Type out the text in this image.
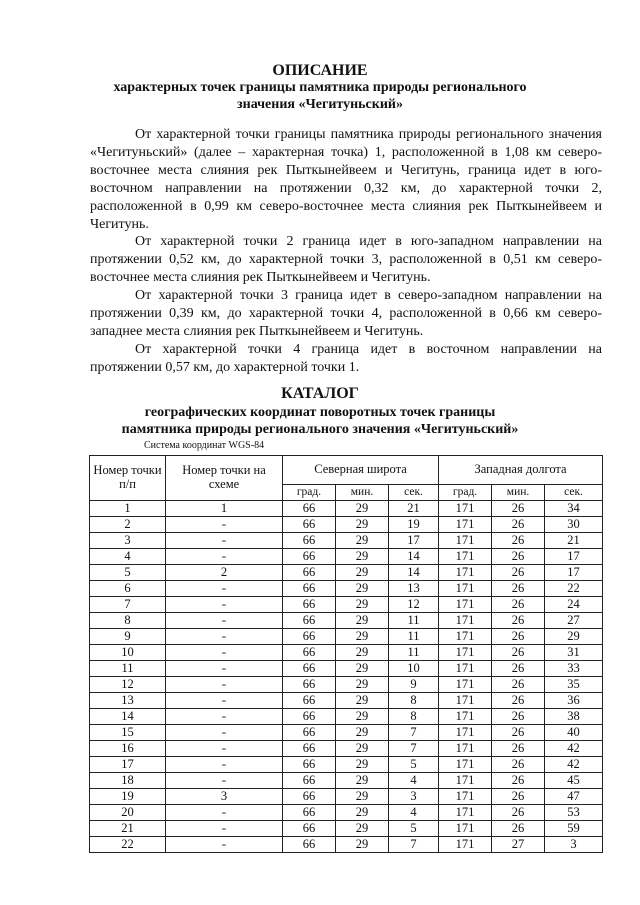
ОПИСАНИЕ
характерных точек границы памятника природы регионального
значения «Чегитуньский»

От характерной точки границы памятника природы регионального значения «Чегитуньский» (далее – характерная точка) 1, расположенной в 1,08 км северо-восточнее места слияния рек Пыткынейвеем и Чегитунь, граница идет в юго-восточном направлении на протяжении 0,32 км, до характерной точки 2, расположенной в 0,99 км северо-восточнее места слияния рек Пыткынейвеем и Чегитунь.

От характерной точки 2 граница идет в юго-западном направлении на протяжении 0,52 км, до характерной точки 3, расположенной в 0,51 км северо-восточнее места слияния рек Пыткынейвеем и Чегитунь.

От характерной точки 3 граница идет в северо-западном направлении на протяжении 0,39 км, до характерной точки 4, расположенной в 0,66 км северо-западнее места слияния рек Пыткынейвеем и Чегитунь.

От характерной точки 4 граница идет в восточном направлении на протяжении 0,57 км, до характерной точки 1.

КАТАЛОГ
географических координат поворотных точек границы
памятника природы регионального значения «Чегитуньский»
Система координат WGS-84
Номер точки п/п	Номер точки на схеме	Северная широта			Западная долгота		
		град.	мин.	сек.	град.	мин.	сек.
1	1	66	29	21	171	26	34
2	-	66	29	19	171	26	30
3	-	66	29	17	171	26	21
4	-	66	29	14	171	26	17
5	2	66	29	14	171	26	17
6	-	66	29	13	171	26	22
7	-	66	29	12	171	26	24
8	-	66	29	11	171	26	27
9	-	66	29	11	171	26	29
10	-	66	29	11	171	26	31
11	-	66	29	10	171	26	33
12	-	66	29	9	171	26	35
13	-	66	29	8	171	26	36
14	-	66	29	8	171	26	38
15	-	66	29	7	171	26	40
16	-	66	29	7	171	26	42
17	-	66	29	5	171	26	42
18	-	66	29	4	171	26	45
19	3	66	29	3	171	26	47
20	-	66	29	4	171	26	53
21	-	66	29	5	171	26	59
22	-	66	29	7	171	27	3
